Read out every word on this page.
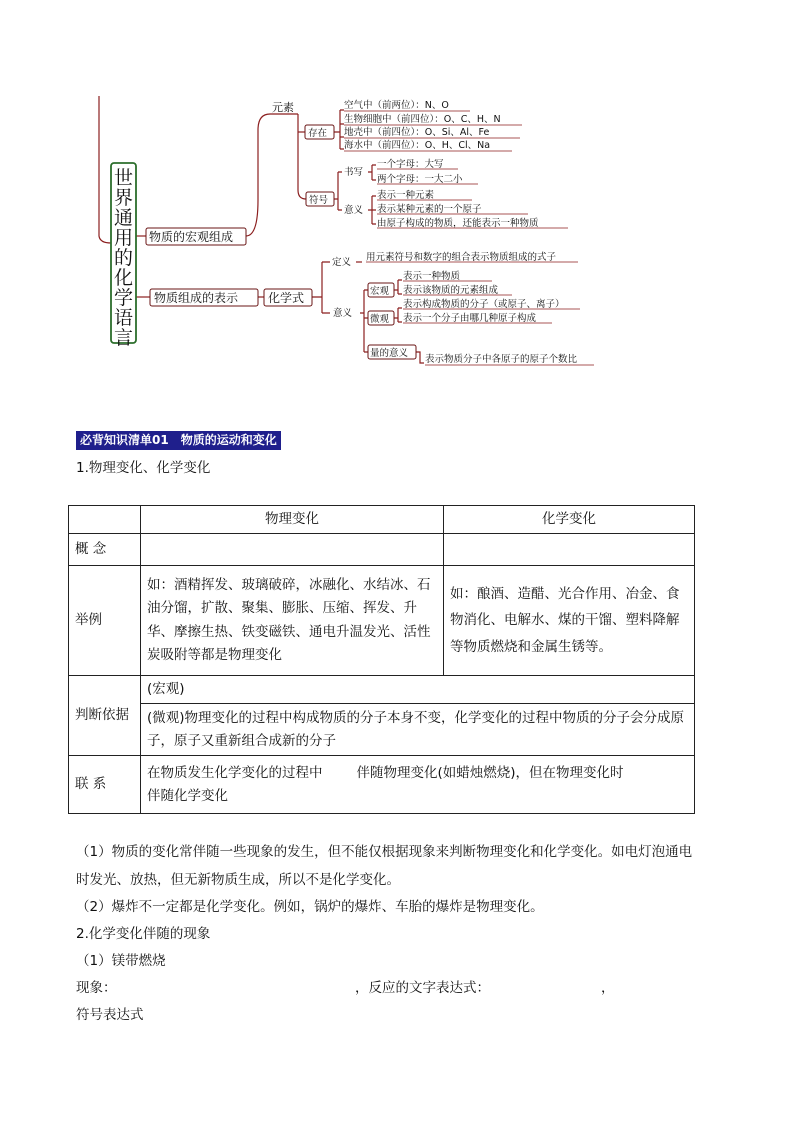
世界通用的化学语言
物质的宏观组成
物质组成的表示 化学式
元素
存在
空气中（前两位）：N、O
生物细胞中（前四位）：O、C、H、N
地壳中（前四位）：O、Si、Al、Fe
海水中（前四位）：O、H、Cl、Na
符号
书写
一个字母：大写
两个字母：一大二小
意义
表示一种元素
表示某种元素的一个原子
由原子构成的物质，还能表示一种物质
定义 用元素符号和数字的组合表示物质组成的式子
意义
宏观
表示一种物质
表示该物质的元素组成
微观
表示构成物质的分子（或原子、离子）
表示一个分子由哪几种原子构成
量的意义
表示物质分子中各原子的原子个数比
必背知识清单01 物质的运动和变化
1.物理变化、化学变化
	物理变化	化学变化
概 念		
举例	如：酒精挥发、玻璃破碎，冰融化、水结冰、石油分馏，扩散、聚集、膨胀、压缩、挥发、升华、摩擦生热、铁变磁铁、通电升温发光、活性炭吸附等都是物理变化	如：酿酒、造醋、光合作用、冶金、食物消化、电解水、煤的干馏、塑料降解等物质燃烧和金属生锈等。
判断依据	(宏观)	
	(微观)物理变化的过程中构成物质的分子本身不变，化学变化的过程中物质的分子会分成原子，原子又重新组合成新的分子	
联 系	在物质发生化学变化的过程中 伴随物理变化(如蜡烛燃烧)，但在物理变化时
伴随化学变化	
（1）物质的变化常伴随一些现象的发生，但不能仅根据现象来判断物理变化和化学变化。如电灯泡通电
时发光、放热，但无新物质生成，所以不是化学变化。
（2）爆炸不一定都是化学变化。例如，锅炉的爆炸、车胎的爆炸是物理变化。
2.化学变化伴随的现象
（1）镁带燃烧
现象：	，反应的文字表达式：	，
符号表达式
